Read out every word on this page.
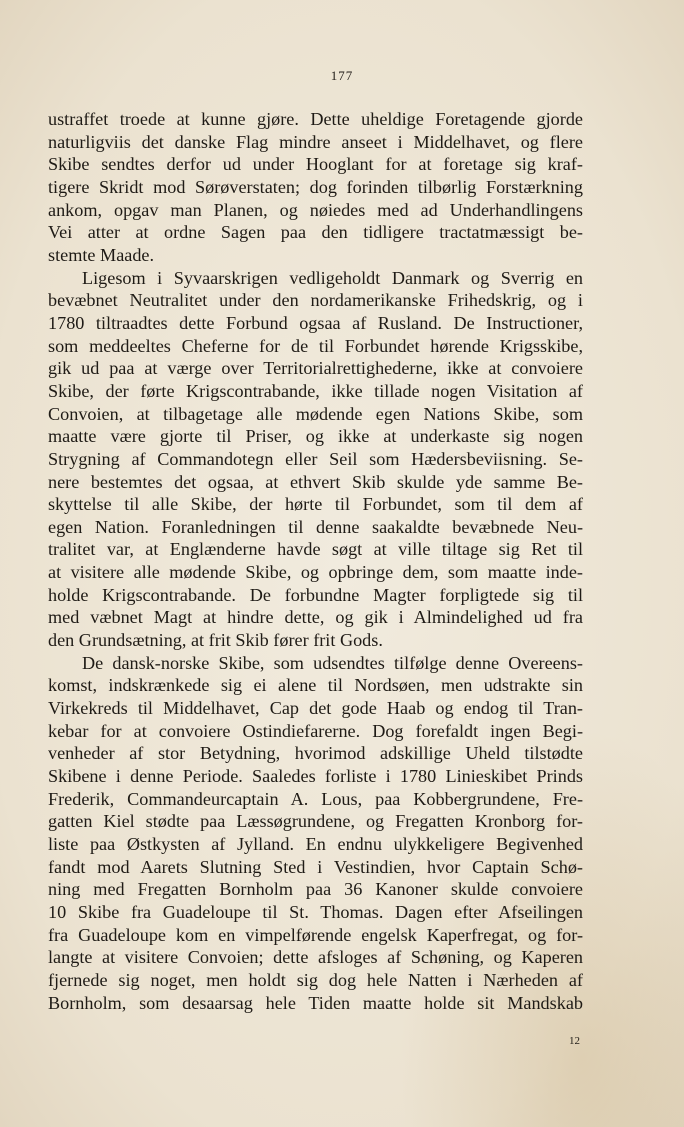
177
ustraffet troede at kunne gjøre. Dette uheldige Foretagende gjorde
naturligviis det danske Flag mindre anseet i Middelhavet, og flere
Skibe sendtes derfor ud under Hooglant for at foretage sig kraf-
tigere Skridt mod Sørøverstaten; dog forinden tilbørlig Forstærkning
ankom, opgav man Planen, og nøiedes med ad Underhandlingens
Vei atter at ordne Sagen paa den tidligere tractatmæssigt be-
stemte Maade.
Ligesom i Syvaarskrigen vedligeholdt Danmark og Sverrig en
bevæbnet Neutralitet under den nordamerikanske Frihedskrig, og i
1780 tiltraadtes dette Forbund ogsaa af Rusland. De Instructioner,
som meddeeltes Cheferne for de til Forbundet hørende Krigsskibe,
gik ud paa at værge over Territorialrettighederne, ikke at convoiere
Skibe, der førte Krigscontrabande, ikke tillade nogen Visitation af
Convoien, at tilbagetage alle mødende egen Nations Skibe, som
maatte være gjorte til Priser, og ikke at underkaste sig nogen
Strygning af Commandotegn eller Seil som Hædersbeviisning. Se-
nere bestemtes det ogsaa, at ethvert Skib skulde yde samme Be-
skyttelse til alle Skibe, der hørte til Forbundet, som til dem af
egen Nation. Foranledningen til denne saakaldte bevæbnede Neu-
tralitet var, at Englænderne havde søgt at ville tiltage sig Ret til
at visitere alle mødende Skibe, og opbringe dem, som maatte inde-
holde Krigscontrabande. De forbundne Magter forpligtede sig til
med væbnet Magt at hindre dette, og gik i Almindelighed ud fra
den Grundsætning, at frit Skib fører frit Gods.
De dansk-norske Skibe, som udsendtes tilfølge denne Overeens-
komst, indskrænkede sig ei alene til Nordsøen, men udstrakte sin
Virkekreds til Middelhavet, Cap det gode Haab og endog til Tran-
kebar for at convoiere Ostindiefarerne. Dog forefaldt ingen Begi-
venheder af stor Betydning, hvorimod adskillige Uheld tilstødte
Skibene i denne Periode. Saaledes forliste i 1780 Linieskibet Prinds
Frederik, Commandeurcaptain A. Lous, paa Kobbergrundene, Fre-
gatten Kiel stødte paa Læssøgrundene, og Fregatten Kronborg for-
liste paa Østkysten af Jylland. En endnu ulykkeligere Begivenhed
fandt mod Aarets Slutning Sted i Vestindien, hvor Captain Schø-
ning med Fregatten Bornholm paa 36 Kanoner skulde convoiere
10 Skibe fra Guadeloupe til St. Thomas. Dagen efter Afseilingen
fra Guadeloupe kom en vimpelførende engelsk Kaperfregat, og for-
langte at visitere Convoien; dette afsloges af Schøning, og Kaperen
fjernede sig noget, men holdt sig dog hele Natten i Nærheden af
Bornholm, som desaarsag hele Tiden maatte holde sit Mandskab
12
